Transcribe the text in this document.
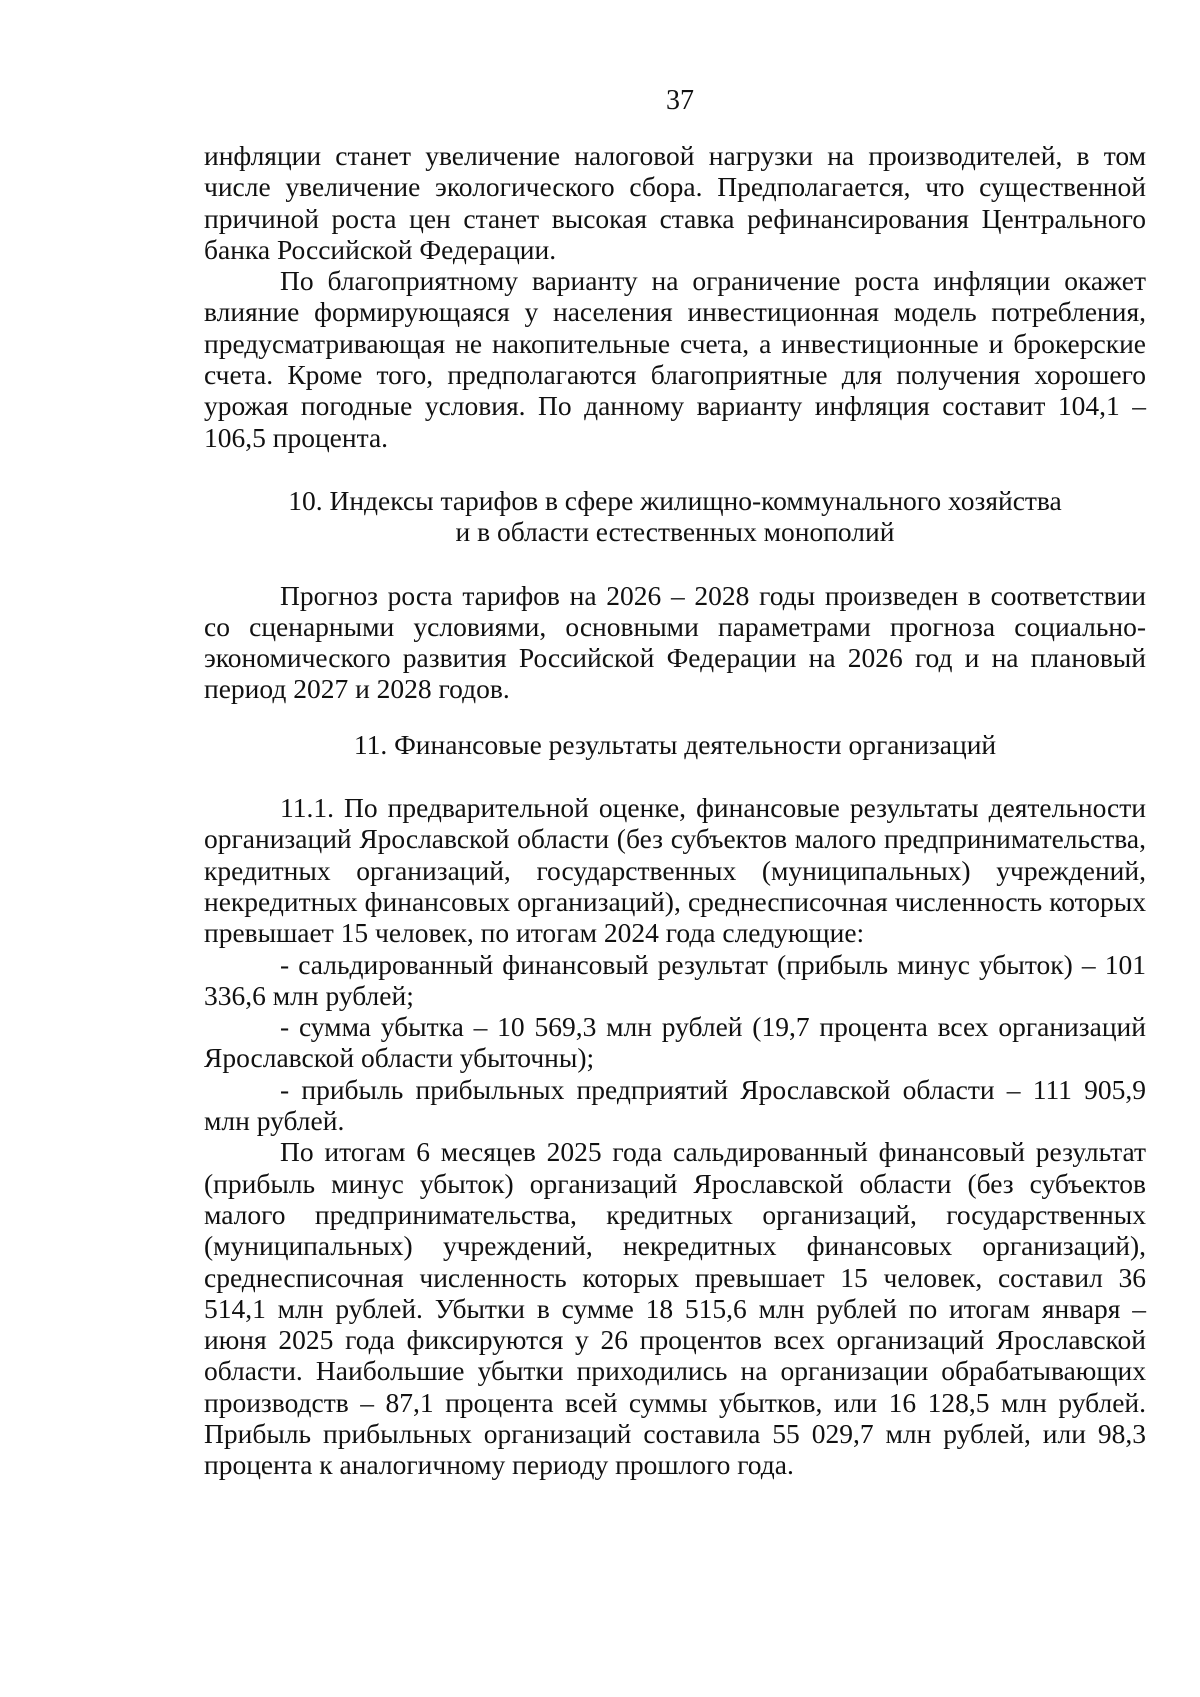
37

инфляции станет увеличение налоговой нагрузки на производителей, в том числе увеличение экологического сбора. Предполагается, что существенной причиной роста цен станет высокая ставка рефинансирования Центрального банка Российской Федерации.

По благоприятному варианту на ограничение роста инфляции окажет влияние формирующаяся у населения инвестиционная модель потребления, предусматривающая не накопительные счета, а инвестиционные и брокерские счета. Кроме того, предполагаются благоприятные для получения хорошего урожая погодные условия. По данному варианту инфляция составит 104,1 – 106,5 процента.

10. Индексы тарифов в сфере жилищно-коммунального хозяйства

и в области естественных монополий

Прогноз роста тарифов на 2026 – 2028 годы произведен в соответствии со сценарными условиями, основными параметрами прогноза социально-экономического развития Российской Федерации на 2026 год и на плановый период 2027 и 2028 годов.

11. Финансовые результаты деятельности организаций

11.1. По предварительной оценке, финансовые результаты деятельности организаций Ярославской области (без субъектов малого предпринимательства, кредитных организаций, государственных (муниципальных) учреждений, некредитных финансовых организаций), среднесписочная численность которых превышает 15 человек, по итогам 2024 года следующие:

- сальдированный финансовый результат (прибыль минус убыток) – 101 336,6 млн рублей;

- сумма убытка – 10 569,3 млн рублей (19,7 процента всех организаций Ярославской области убыточны);

- прибыль прибыльных предприятий Ярославской области – 111 905,9 млн рублей.

По итогам 6 месяцев 2025 года сальдированный финансовый результат (прибыль минус убыток) организаций Ярославской области (без субъектов малого предпринимательства, кредитных организаций, государственных (муниципальных) учреждений, некредитных финансовых организаций), среднесписочная численность которых превышает 15 человек, составил 36 514,1 млн рублей. Убытки в сумме 18 515,6 млн рублей по итогам января – июня 2025 года фиксируются у 26 процентов всех организаций Ярославской области. Наибольшие убытки приходились на организации обрабатывающих производств – 87,1 процента всей суммы убытков, или 16 128,5 млн рублей. Прибыль прибыльных организаций составила 55 029,7 млн рублей, или 98,3 процента к аналогичному периоду прошлого года.
